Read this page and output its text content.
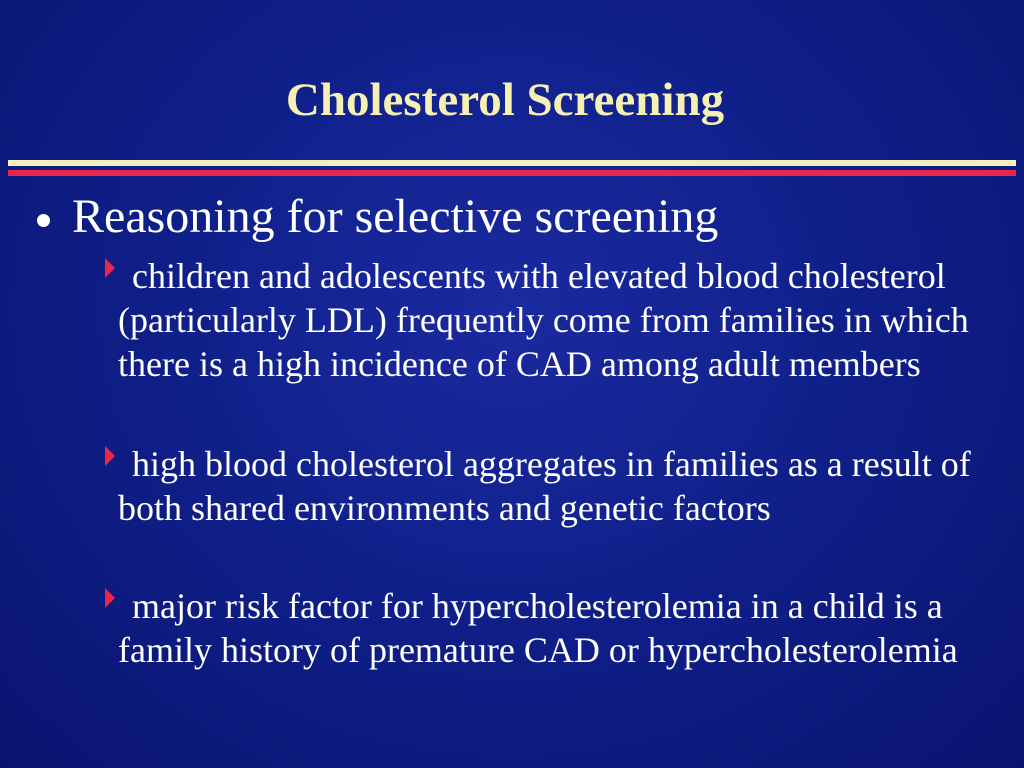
Cholesterol Screening
Reasoning for selective screening
children and adolescents with elevated blood cholesterol (particularly LDL) frequently come from families in which there is a high incidence of CAD among adult members
high blood cholesterol aggregates in families as a result of both shared environments and genetic factors
major risk factor for hypercholesterolemia in a child is a family history of premature CAD or hypercholesterolemia
